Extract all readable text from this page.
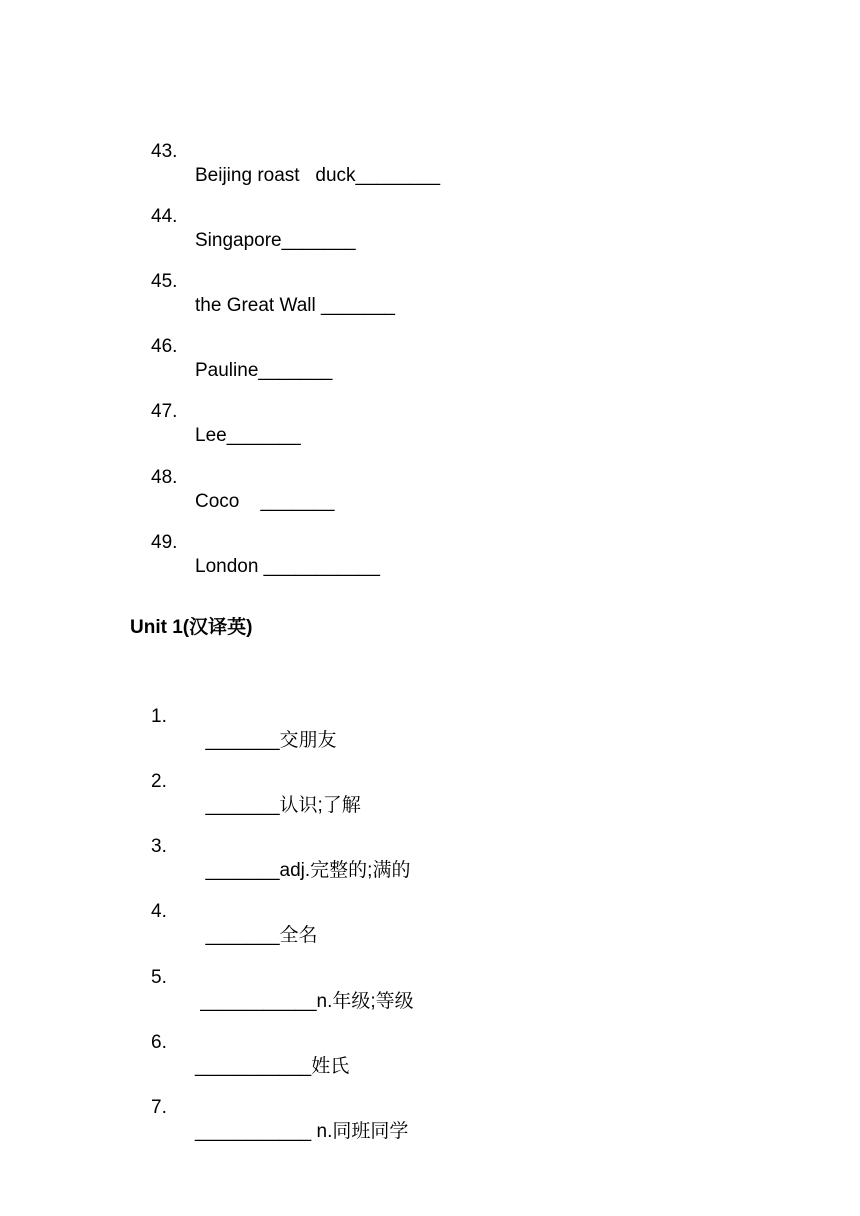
43.

Beijing roast   duck________

44.

Singapore_______

45.

the Great Wall _______

46.

Pauline_______

47.

Lee_______

48.

Coco    _______

49.

London ___________

Unit 1(汉译英)

1.

_______交朋友

2.

_______认识;了解

3.

_______adj.完整的;满的

4.

_______全名

5.

___________n.年级;等级

6.

___________姓氏

7.

___________ n.同班同学
